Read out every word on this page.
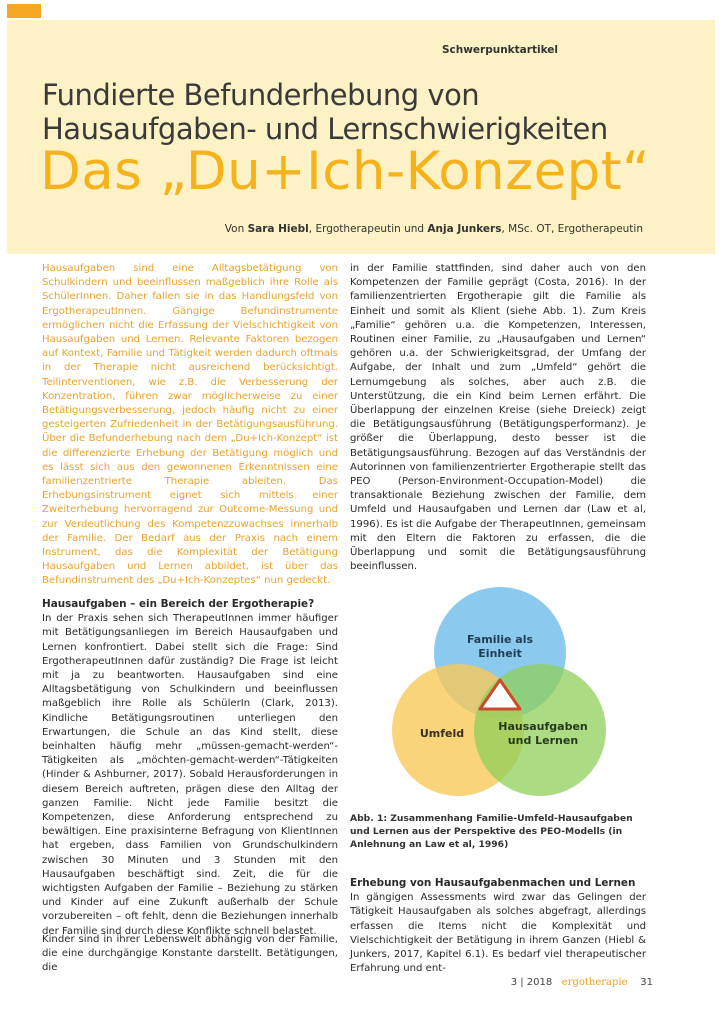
Schwerpunktartikel
Fundierte Befunderhebung von
Hausaufgaben- und Lernschwierigkeiten
Das „Du+Ich-Konzept“
Von Sara Hiebl, Ergotherapeutin und Anja Junkers, MSc. OT, Ergotherapeutin

Hausaufgaben sind eine Alltagsbetätigung von Schulkindern und beeinflussen maßgeblich ihre Rolle als SchülerInnen. Daher fallen sie in das Handlungsfeld von ErgotherapeutInnen. Gängige Befundinstrumente ermöglichen nicht die Erfassung der Vielschichtigkeit von Hausaufgaben und Lernen. Relevante Faktoren bezogen auf Kontext, Familie und Tätigkeit werden dadurch oftmals in der Therapie nicht ausreichend berücksichtigt. Teilinterventionen, wie z.B. die Verbesserung der Konzentration, führen zwar möglicherweise zu einer Betätigungsverbesserung, jedoch häufig nicht zu einer gesteigerten Zufriedenheit in der Betätigungsausführung. Über die Befunderhebung nach dem „Du+Ich-Konzept“ ist die differenzierte Erhebung der Betätigung möglich und es lässt sich aus den gewonnenen Erkenntnissen eine familienzentrierte Therapie ableiten. Das Erhebungsinstrument eignet sich mittels einer Zweiterhebung hervorragend zur Outcome-Messung und zur Verdeutlichung des Kompetenzzuwachses innerhalb der Familie. Der Bedarf aus der Praxis nach einem Instrument, das die Komplexität der Betätigung Hausaufgaben und Lernen abbildet, ist über das Befundinstrument des „Du+Ich-Konzeptes“ nun gedeckt.

Hausaufgaben – ein Bereich der Ergotherapie?

In der Praxis sehen sich TherapeutInnen immer häufiger mit Betätigungsanliegen im Bereich Hausaufgaben und Lernen konfrontiert. Dabei stellt sich die Frage: Sind ErgotherapeutInnen dafür zuständig? Die Frage ist leicht mit ja zu beantworten. Hausaufgaben sind eine Alltagsbetätigung von Schulkindern und beeinflussen maßgeblich ihre Rolle als SchülerIn (Clark, 2013). Kindliche Betätigungsroutinen unterliegen den Erwartungen, die Schule an das Kind stellt, diese beinhalten häufig mehr „müssen-gemacht-werden“-Tätigkeiten als „möchten-gemacht-werden“-Tätigkeiten (Hinder & Ashburner, 2017). Sobald Herausforderungen in diesem Bereich auftreten, prägen diese den Alltag der ganzen Familie. Nicht jede Familie besitzt die Kompetenzen, diese Anforderung entsprechend zu bewältigen. Eine praxisinterne Befragung von KlientInnen hat ergeben, dass Familien von Grundschulkindern zwischen 30 Minuten und 3 Stunden mit den Hausaufgaben beschäftigt sind. Zeit, die für die wichtigsten Aufgaben der Familie – Beziehung zu stärken und Kinder auf eine Zukunft außerhalb der Schule vorzubereiten – oft fehlt, denn die Beziehungen innerhalb der Familie sind durch diese Konflikte schnell belastet.

Kinder sind in ihrer Lebenswelt abhängig von der Familie, die eine durchgängige Konstante darstellt. Betätigungen, die

in der Familie stattfinden, sind daher auch von den Kompetenzen der Familie geprägt (Costa, 2016). In der familienzentrierten Ergotherapie gilt die Familie als Einheit und somit als Klient (siehe Abb. 1). Zum Kreis „Familie“ gehören u.a. die Kompetenzen, Interessen, Routinen einer Familie, zu „Hausaufgaben und Lernen“ gehören u.a. der Schwierigkeitsgrad, der Umfang der Aufgabe, der Inhalt und zum „Umfeld“ gehört die Lernumgebung als solches, aber auch z.B. die Unterstützung, die ein Kind beim Lernen erfährt. Die Überlappung der einzelnen Kreise (siehe Dreieck) zeigt die Betätigungsausführung (Betätigungsperformanz). Je größer die Überlappung, desto besser ist die Betätigungsausführung. Bezogen auf das Verständnis der Autorinnen von familienzentrierter Ergotherapie stellt das PEO (Person-Environment-Occupation-Model) die transaktionale Beziehung zwischen der Familie, dem Umfeld und Hausaufgaben und Lernen dar (Law et al, 1996). Es ist die Aufgabe der TherapeutInnen, gemeinsam mit den Eltern die Faktoren zu erfassen, die die Überlappung und somit die Betätigungsausführung beeinflussen.

Familie als
Einheit
Umfeld
Hausaufgaben
und Lernen
Abb. 1: Zusammenhang Familie-Umfeld-Hausaufgaben und Lernen aus der Perspektive des PEO-Modells (in Anlehnung an Law et al, 1996)

Erhebung von Hausaufgabenmachen und Lernen

In gängigen Assessments wird zwar das Gelingen der Tätigkeit Hausaufgaben als solches abgefragt, allerdings erfassen die Items nicht die Komplexität und Vielschichtigkeit der Betätigung in ihrem Ganzen (Hiebl & Junkers, 2017, Kapitel 6.1). Es bedarf viel therapeutischer Erfahrung und ent-

3 | 2018 ergotherapie 31
